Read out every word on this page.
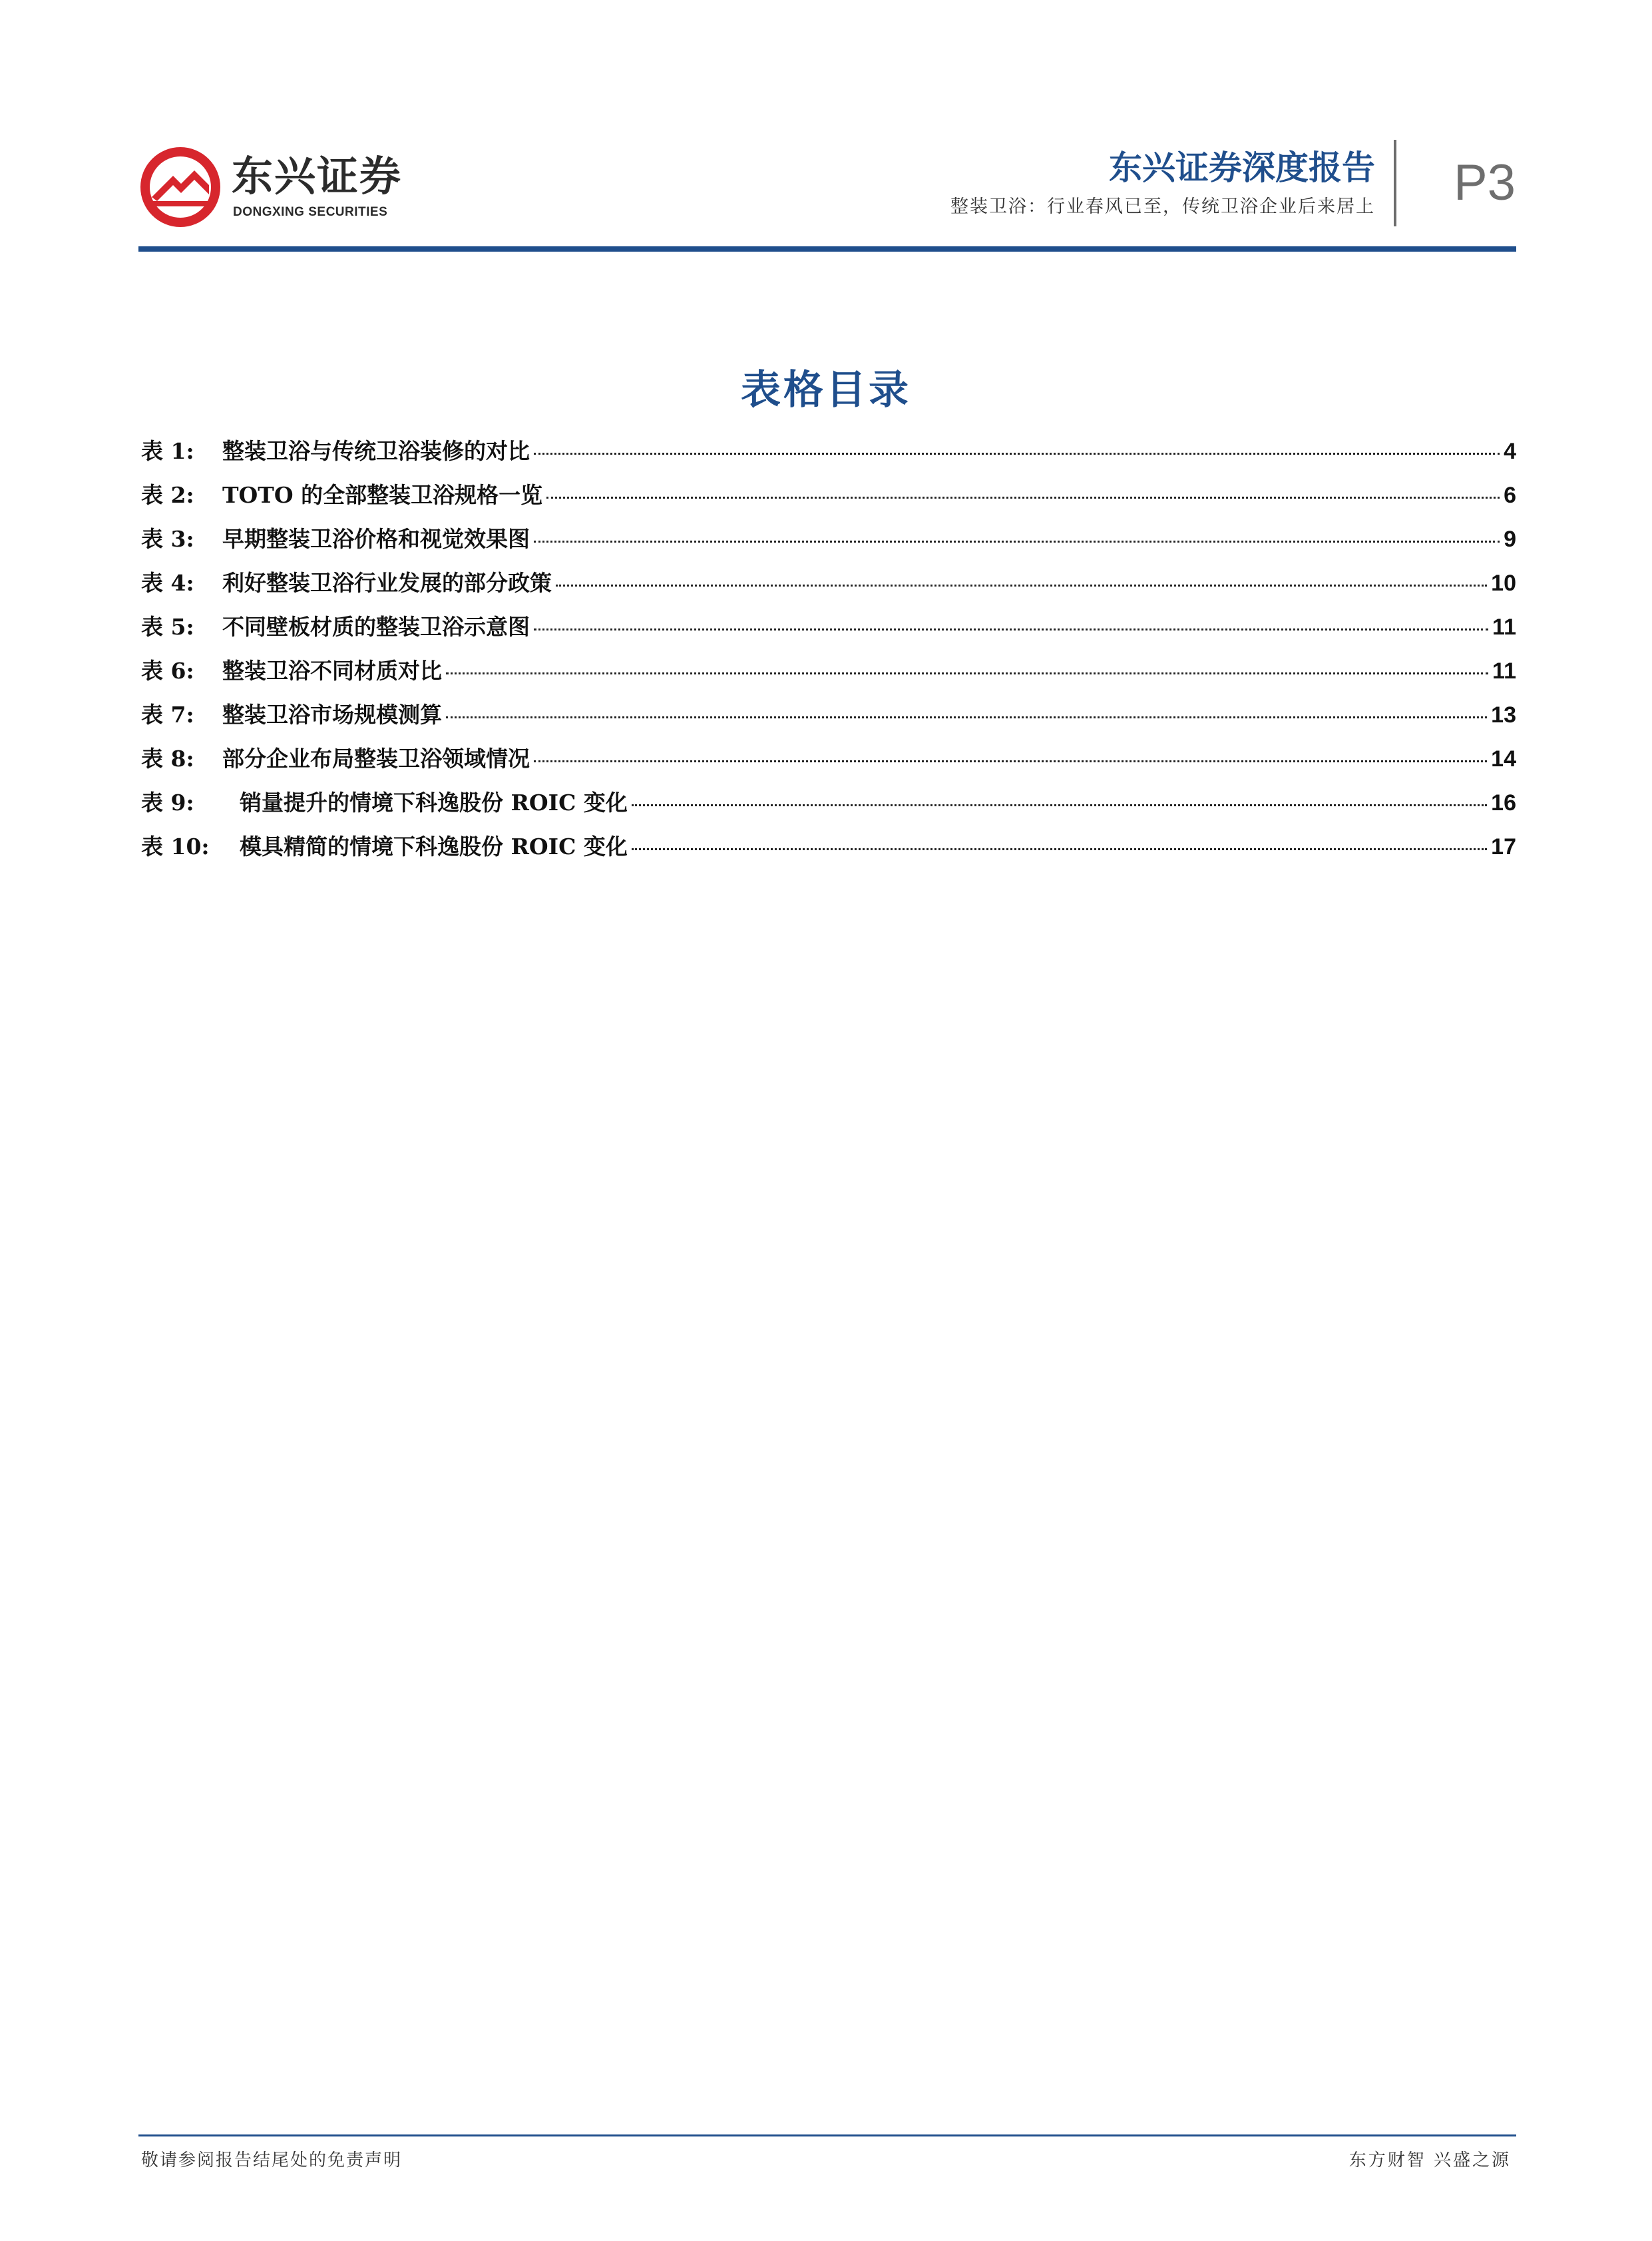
东兴证券
DONGXING SECURITIES
东兴证券深度报告
整装卫浴：行业春风已至，传统卫浴企业后来居上 P3
表格目录
表 1:	整装卫浴与传统卫浴装修的对比	4
表 2:	TOTO 的全部整装卫浴规格一览	6
表 3:	早期整装卫浴价格和视觉效果图	9
表 4:	利好整装卫浴行业发展的部分政策	10
表 5:	不同壁板材质的整装卫浴示意图	11
表 6:	整装卫浴不同材质对比	11
表 7:	整装卫浴市场规模测算	13
表 8:	部分企业布局整装卫浴领域情况	14
表 9:	销量提升的情境下科逸股份 ROIC 变化	16
表 10:	模具精简的情境下科逸股份 ROIC 变化	17
敬请参阅报告结尾处的免责声明	东方财智 兴盛之源
